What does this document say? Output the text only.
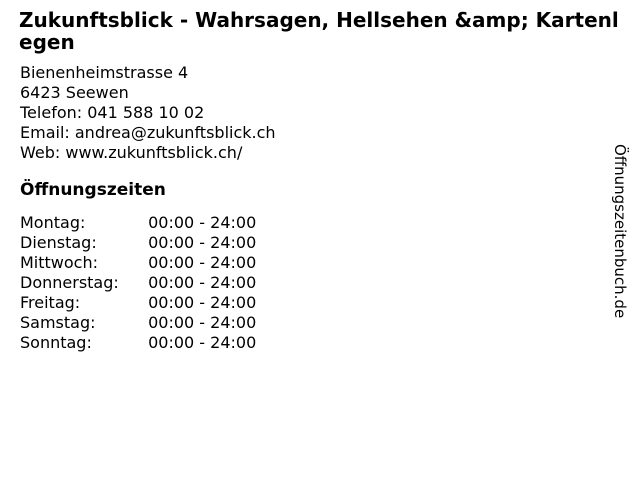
Zukunftsblick - Wahrsagen, Hellsehen &amp; Kartenlegen
Bienenheimstrasse 4
6423 Seewen
Telefon: 041 588 10 02
Email: andrea@zukunftsblick.ch
Web: www.zukunftsblick.ch/
Öffnungszeiten
Montag:	00:00 - 24:00
Dienstag:	00:00 - 24:00
Mittwoch:	00:00 - 24:00
Donnerstag: 00:00 - 24:00
Freitag:	00:00 - 24:00
Samstag:	00:00 - 24:00
Sonntag:	00:00 - 24:00
Öffnungszeitenbuch.de
